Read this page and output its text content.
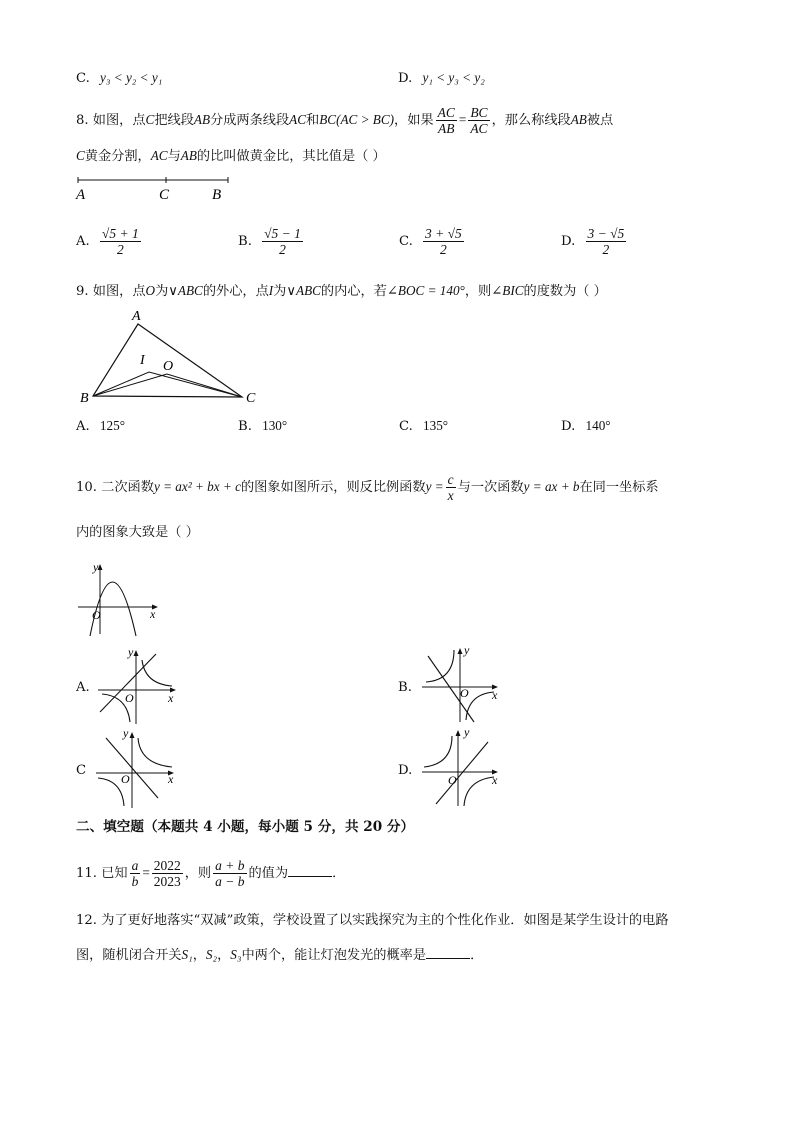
C. y₃ < y₂ < y₁	D. y₁ < y₃ < y₂
8. 如图，点C把线段AB分成两条线段AC和BC(AC > BC)，如果 $\frac{AC}{AB} = \frac{BC}{AC}$ ，那么称线段AB被点
C黄金分割，AC与AB的比叫做黄金比，其比值是（ ）
A	C	B
A. $\frac{√5 + 1}{2}$	B. $\frac{√5 - 1}{2}$	C. $\frac{3 + √5}{2}$	D. $\frac{3 - √5}{2}$
9. 如图，点O为∨ABC的外心，点I为∨ABC的内心，若∠BOC = 140°，则∠BIC的度数为（ ）
A
B	C
I O
A. 125°	B. 130°	C. 135°	D. 140°
10. 二次函数y = ax² + bx + c的图象如图所示，则反比例函数$y = \frac{c}{x}$ 与一次函数y = ax + b在同一坐标系
内的图象大致是（ ）
y
x
O
A.
y
x
O
B.
y
x
O
C
y
x
O
D.
y
x
O
二、填空题（本题共 4 小题，每小题 5 分，共 20 分）
11. 已知 $\frac{a}{b} = \frac{2022}{2023}$ ，则 $\frac{a + b}{a - b}$ 的值为	．
12. 为了更好地落实“双减”政策，学校设置了以实践探究为主的个性化作业．如图是某学生设计的电路
图，随机闭合开关S₁，S₂，S₃中两个，能让灯泡发光的概率是	．
